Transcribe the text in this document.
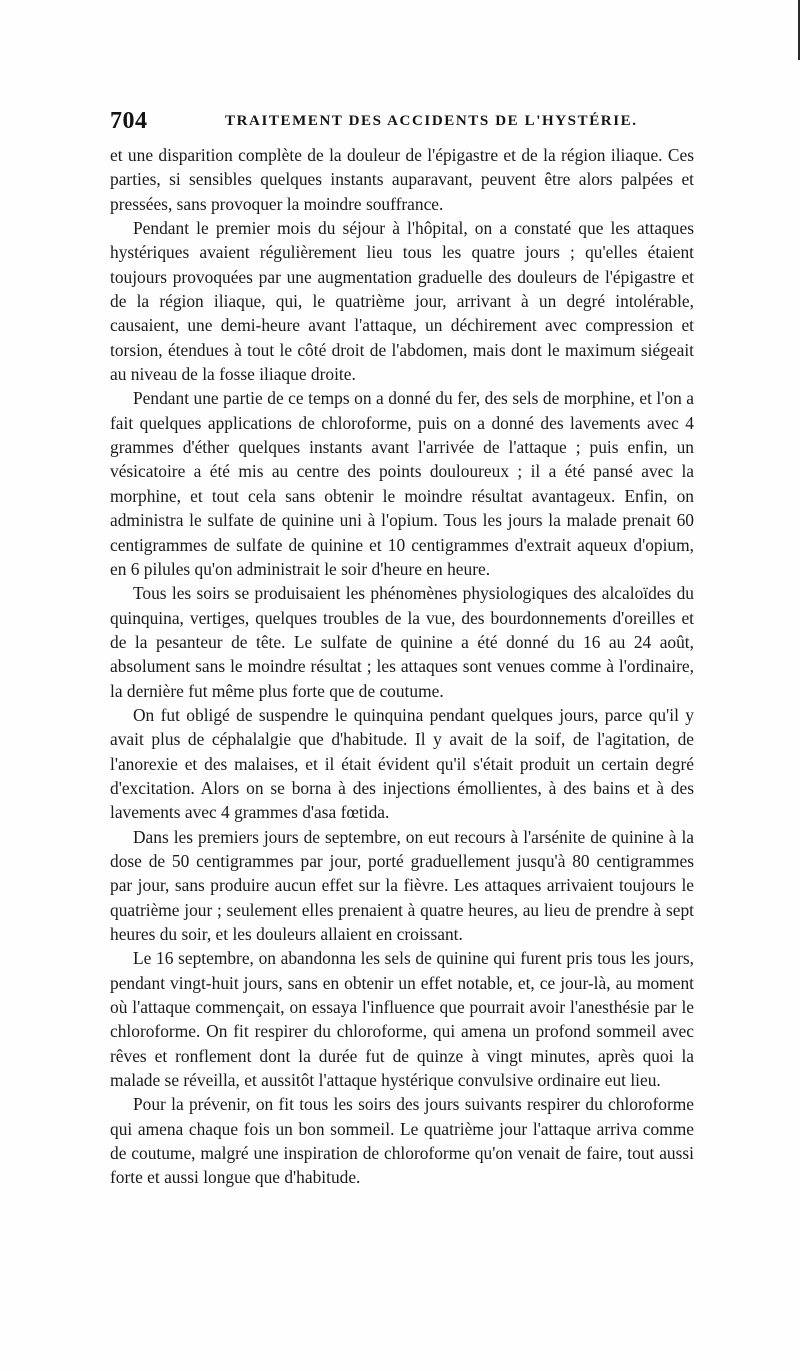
704	TRAITEMENT DES ACCIDENTS DE L'HYSTÉRIE.

et une disparition complète de la douleur de l'épigastre et de la région iliaque. Ces parties, si sensibles quelques instants auparavant, peuvent être alors palpées et pressées, sans provoquer la moindre souffrance.

Pendant le premier mois du séjour à l'hôpital, on a constaté que les attaques hystériques avaient régulièrement lieu tous les quatre jours ; qu'elles étaient toujours provoquées par une augmentation graduelle des douleurs de l'épigastre et de la région iliaque, qui, le quatrième jour, arrivant à un degré intolérable, causaient, une demi-heure avant l'attaque, un déchirement avec compression et torsion, étendues à tout le côté droit de l'abdomen, mais dont le maximum siégeait au niveau de la fosse iliaque droite.

Pendant une partie de ce temps on a donné du fer, des sels de morphine, et l'on a fait quelques applications de chloroforme, puis on a donné des lavements avec 4 grammes d'éther quelques instants avant l'arrivée de l'attaque ; puis enfin, un vésicatoire a été mis au centre des points douloureux ; il a été pansé avec la morphine, et tout cela sans obtenir le moindre résultat avantageux. Enfin, on administra le sulfate de quinine uni à l'opium. Tous les jours la malade prenait 60 centigrammes de sulfate de quinine et 10 centigrammes d'extrait aqueux d'opium, en 6 pilules qu'on administrait le soir d'heure en heure.

Tous les soirs se produisaient les phénomènes physiologiques des alcaloïdes du quinquina, vertiges, quelques troubles de la vue, des bourdonnements d'oreilles et de la pesanteur de tête. Le sulfate de quinine a été donné du 16 au 24 août, absolument sans le moindre résultat ; les attaques sont venues comme à l'ordinaire, la dernière fut même plus forte que de coutume.

On fut obligé de suspendre le quinquina pendant quelques jours, parce qu'il y avait plus de céphalalgie que d'habitude. Il y avait de la soif, de l'agitation, de l'anorexie et des malaises, et il était évident qu'il s'était produit un certain degré d'excitation. Alors on se borna à des injections émollientes, à des bains et à des lavements avec 4 grammes d'asa fœtida.

Dans les premiers jours de septembre, on eut recours à l'arsénite de quinine à la dose de 50 centigrammes par jour, porté graduellement jusqu'à 80 centigrammes par jour, sans produire aucun effet sur la fièvre. Les attaques arrivaient toujours le quatrième jour ; seulement elles prenaient à quatre heures, au lieu de prendre à sept heures du soir, et les douleurs allaient en croissant.

Le 16 septembre, on abandonna les sels de quinine qui furent pris tous les jours, pendant vingt-huit jours, sans en obtenir un effet notable, et, ce jour-là, au moment où l'attaque commençait, on essaya l'influence que pourrait avoir l'anesthésie par le chloroforme. On fit respirer du chloroforme, qui amena un profond sommeil avec rêves et ronflement dont la durée fut de quinze à vingt minutes, après quoi la malade se réveilla, et aussitôt l'attaque hystérique convulsive ordinaire eut lieu.

Pour la prévenir, on fit tous les soirs des jours suivants respirer du chloroforme qui amena chaque fois un bon sommeil. Le quatrième jour l'attaque arriva comme de coutume, malgré une inspiration de chloroforme qu'on venait de faire, tout aussi forte et aussi longue que d'habitude.
